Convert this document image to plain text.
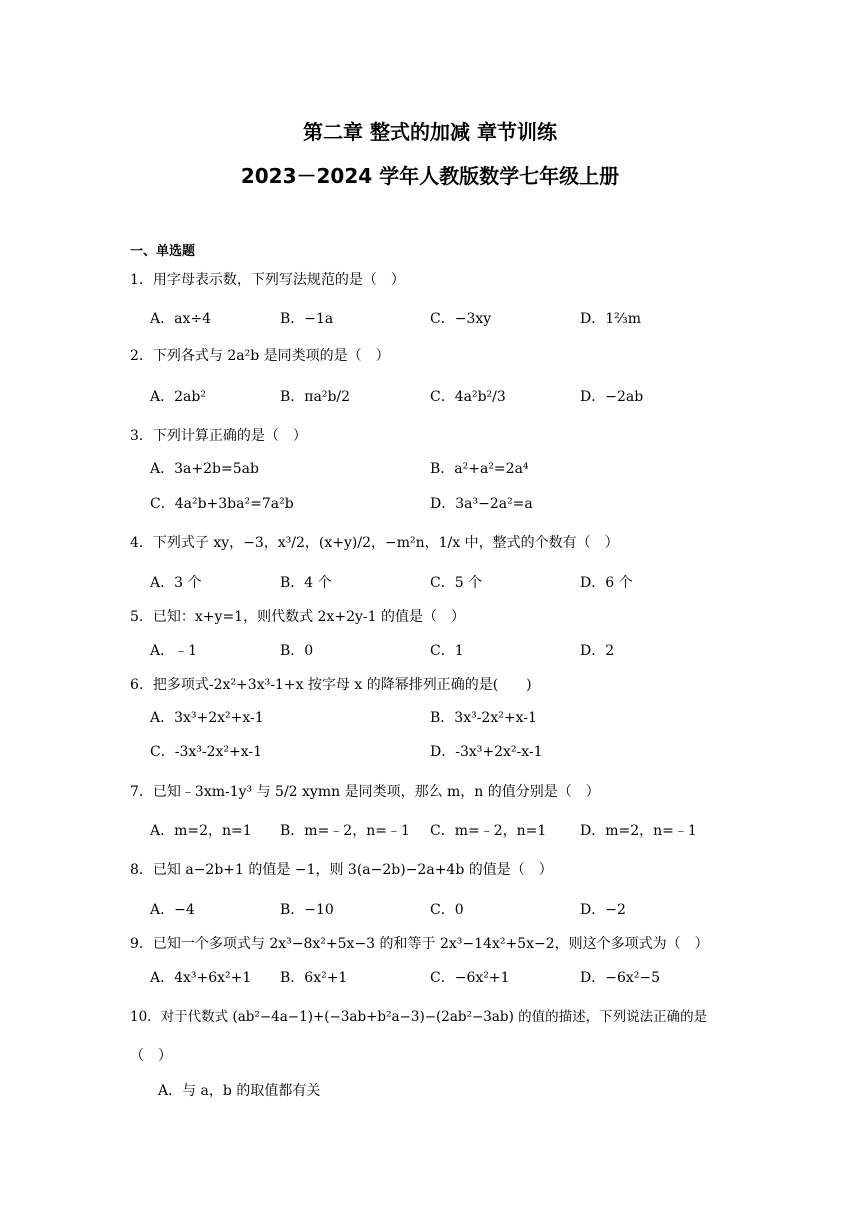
第二章 整式的加减 章节训练
2023－2024 学年人教版数学七年级上册
一、单选题
1．用字母表示数，下列写法规范的是（　）
A．ax÷4	B．−1a	C．−3xy	D．1⅔m
2．下列各式与 2a²b 是同类项的是（　）
A．2ab²	B．πa²b/2	C．4a²b²/3	D．−2ab
3．下列计算正确的是（　）
A．3a+2b=5ab	B．a²+a²=2a⁴
C．4a²b+3ba²=7a²b	D．3a³−2a²=a
4．下列式子 xy，−3，x³/2，(x+y)/2，−m²n，1/x 中，整式的个数有（　）
A．3 个	B．4 个	C．5 个	D．6 个
5．已知：x+y=1，则代数式 2x+2y-1 的值是（　）
A．﹣1	B．0	C．1	D．2
6．把多项式-2x²+3x³-1+x 按字母 x 的降幂排列正确的是(　　)
A．3x³+2x²+x-1	B．3x³-2x²+x-1
C．-3x³-2x²+x-1	D．-3x³+2x²-x-1
7．已知﹣3xm-1y³ 与 5/2 xymn 是同类项，那么 m，n 的值分别是（　）
A．m=2，n=1 B．m=﹣2，n=﹣1 C．m=﹣2，n=1 D．m=2，n=﹣1
8．已知 a−2b+1 的值是 −1，则 3(a−2b)−2a+4b 的值是（　）
A．−4	B．−10	C．0	D．−2
9．已知一个多项式与 2x³−8x²+5x−3 的和等于 2x³−14x²+5x−2，则这个多项式为（　）
A．4x³+6x²+1 B．6x²+1	C．−6x²+1	D．−6x²−5
10．对于代数式 (ab²−4a−1)+(−3ab+b²a−3)−(2ab²−3ab) 的值的描述，下列说法正确的是
（　）
A．与 a，b 的取值都有关
